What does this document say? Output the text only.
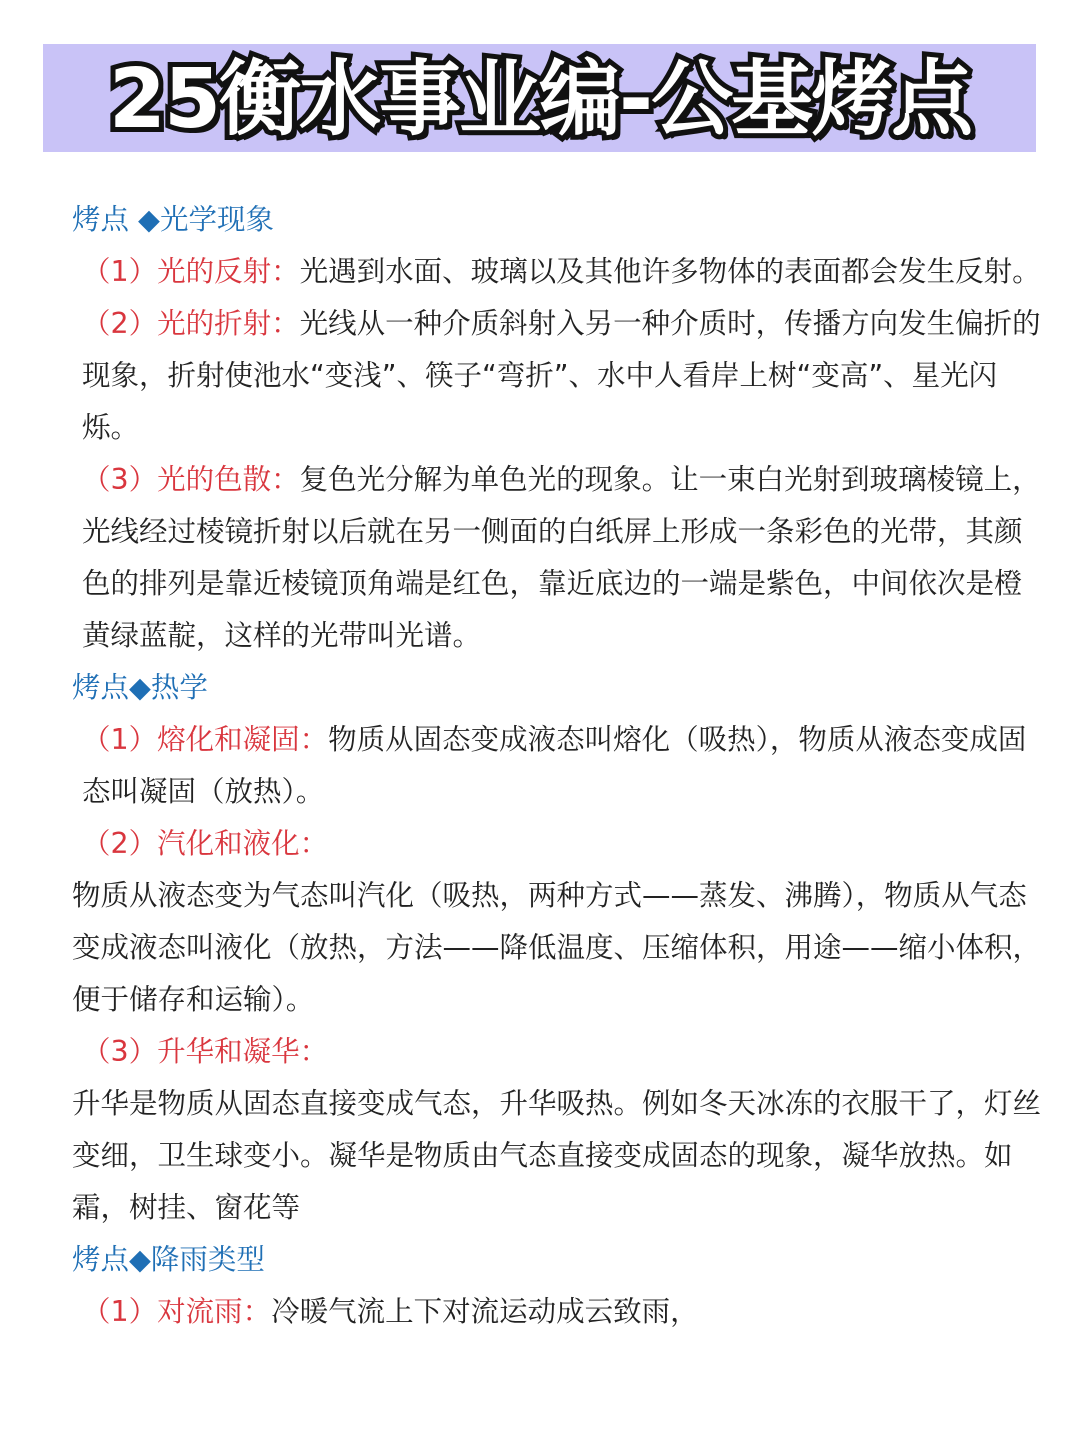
25衡水事业编-公基烤点
烤点 ◆光学现象
（1）光的反射：光遇到水面、玻璃以及其他许多物体的表面都会发生反射。
（2）光的折射：光线从一种介质斜射入另一种介质时，传播方向发生偏折的现象，折射使池水“变浅”、筷子“弯折”、水中人看岸上树“变高”、星光闪烁。
（3）光的色散：复色光分解为单色光的现象。让一束白光射到玻璃棱镜上，光线经过棱镜折射以后就在另一侧面的白纸屏上形成一条彩色的光带，其颜色的排列是靠近棱镜顶角端是红色，靠近底边的一端是紫色，中间依次是橙黄绿蓝靛，这样的光带叫光谱。
烤点◆热学
（1）熔化和凝固：物质从固态变成液态叫熔化（吸热），物质从液态变成固态叫凝固（放热）。
（2）汽化和液化：
物质从液态变为气态叫汽化（吸热，两种方式——蒸发、沸腾），物质从气态变成液态叫液化（放热，方法——降低温度、压缩体积，用途——缩小体积，便于储存和运输）。
（3）升华和凝华：
升华是物质从固态直接变成气态，升华吸热。例如冬天冰冻的衣服干了，灯丝变细，卫生球变小。凝华是物质由气态直接变成固态的现象，凝华放热。如霜，树挂、窗花等
烤点◆降雨类型
（1）对流雨：冷暖气流上下对流运动成云致雨，
